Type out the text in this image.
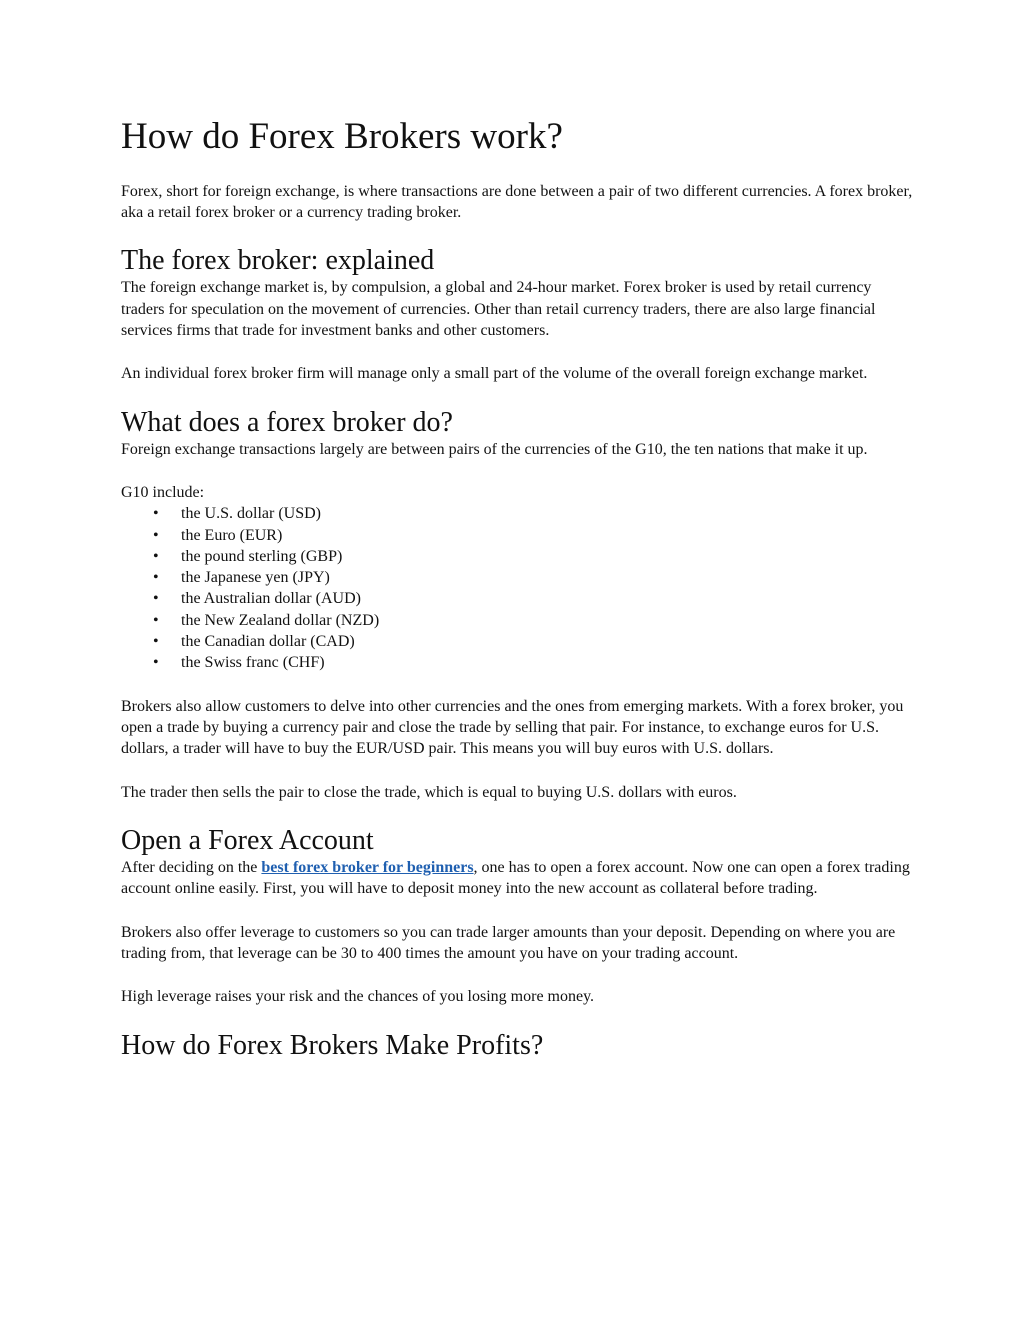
How do Forex Brokers work?

Forex, short for foreign exchange, is where transactions are done between a pair of two different currencies. A forex broker, aka a retail forex broker or a currency trading broker.

The forex broker: explained

The foreign exchange market is, by compulsion, a global and 24-hour market. Forex broker is used by retail currency traders for speculation on the movement of currencies. Other than retail currency traders, there are also large financial services firms that trade for investment banks and other customers.

An individual forex broker firm will manage only a small part of the volume of the overall foreign exchange market.

What does a forex broker do?

Foreign exchange transactions largely are between pairs of the currencies of the G10, the ten nations that make it up.

G10 include:

• the U.S. dollar (USD)
• the Euro (EUR)
• the pound sterling (GBP)
• the Japanese yen (JPY)
• the Australian dollar (AUD)
• the New Zealand dollar (NZD)
• the Canadian dollar (CAD)
• the Swiss franc (CHF)

Brokers also allow customers to delve into other currencies and the ones from emerging markets. With a forex broker, you open a trade by buying a currency pair and close the trade by selling that pair. For instance, to exchange euros for U.S. dollars, a trader will have to buy the EUR/USD pair. This means you will buy euros with U.S. dollars.

The trader then sells the pair to close the trade, which is equal to buying U.S. dollars with euros.

Open a Forex Account

After deciding on the best forex broker for beginners, one has to open a forex account. Now one can open a forex trading account online easily. First, you will have to deposit money into the new account as collateral before trading.

Brokers also offer leverage to customers so you can trade larger amounts than your deposit. Depending on where you are trading from, that leverage can be 30 to 400 times the amount you have on your trading account.

High leverage raises your risk and the chances of you losing more money.

How do Forex Brokers Make Profits?
